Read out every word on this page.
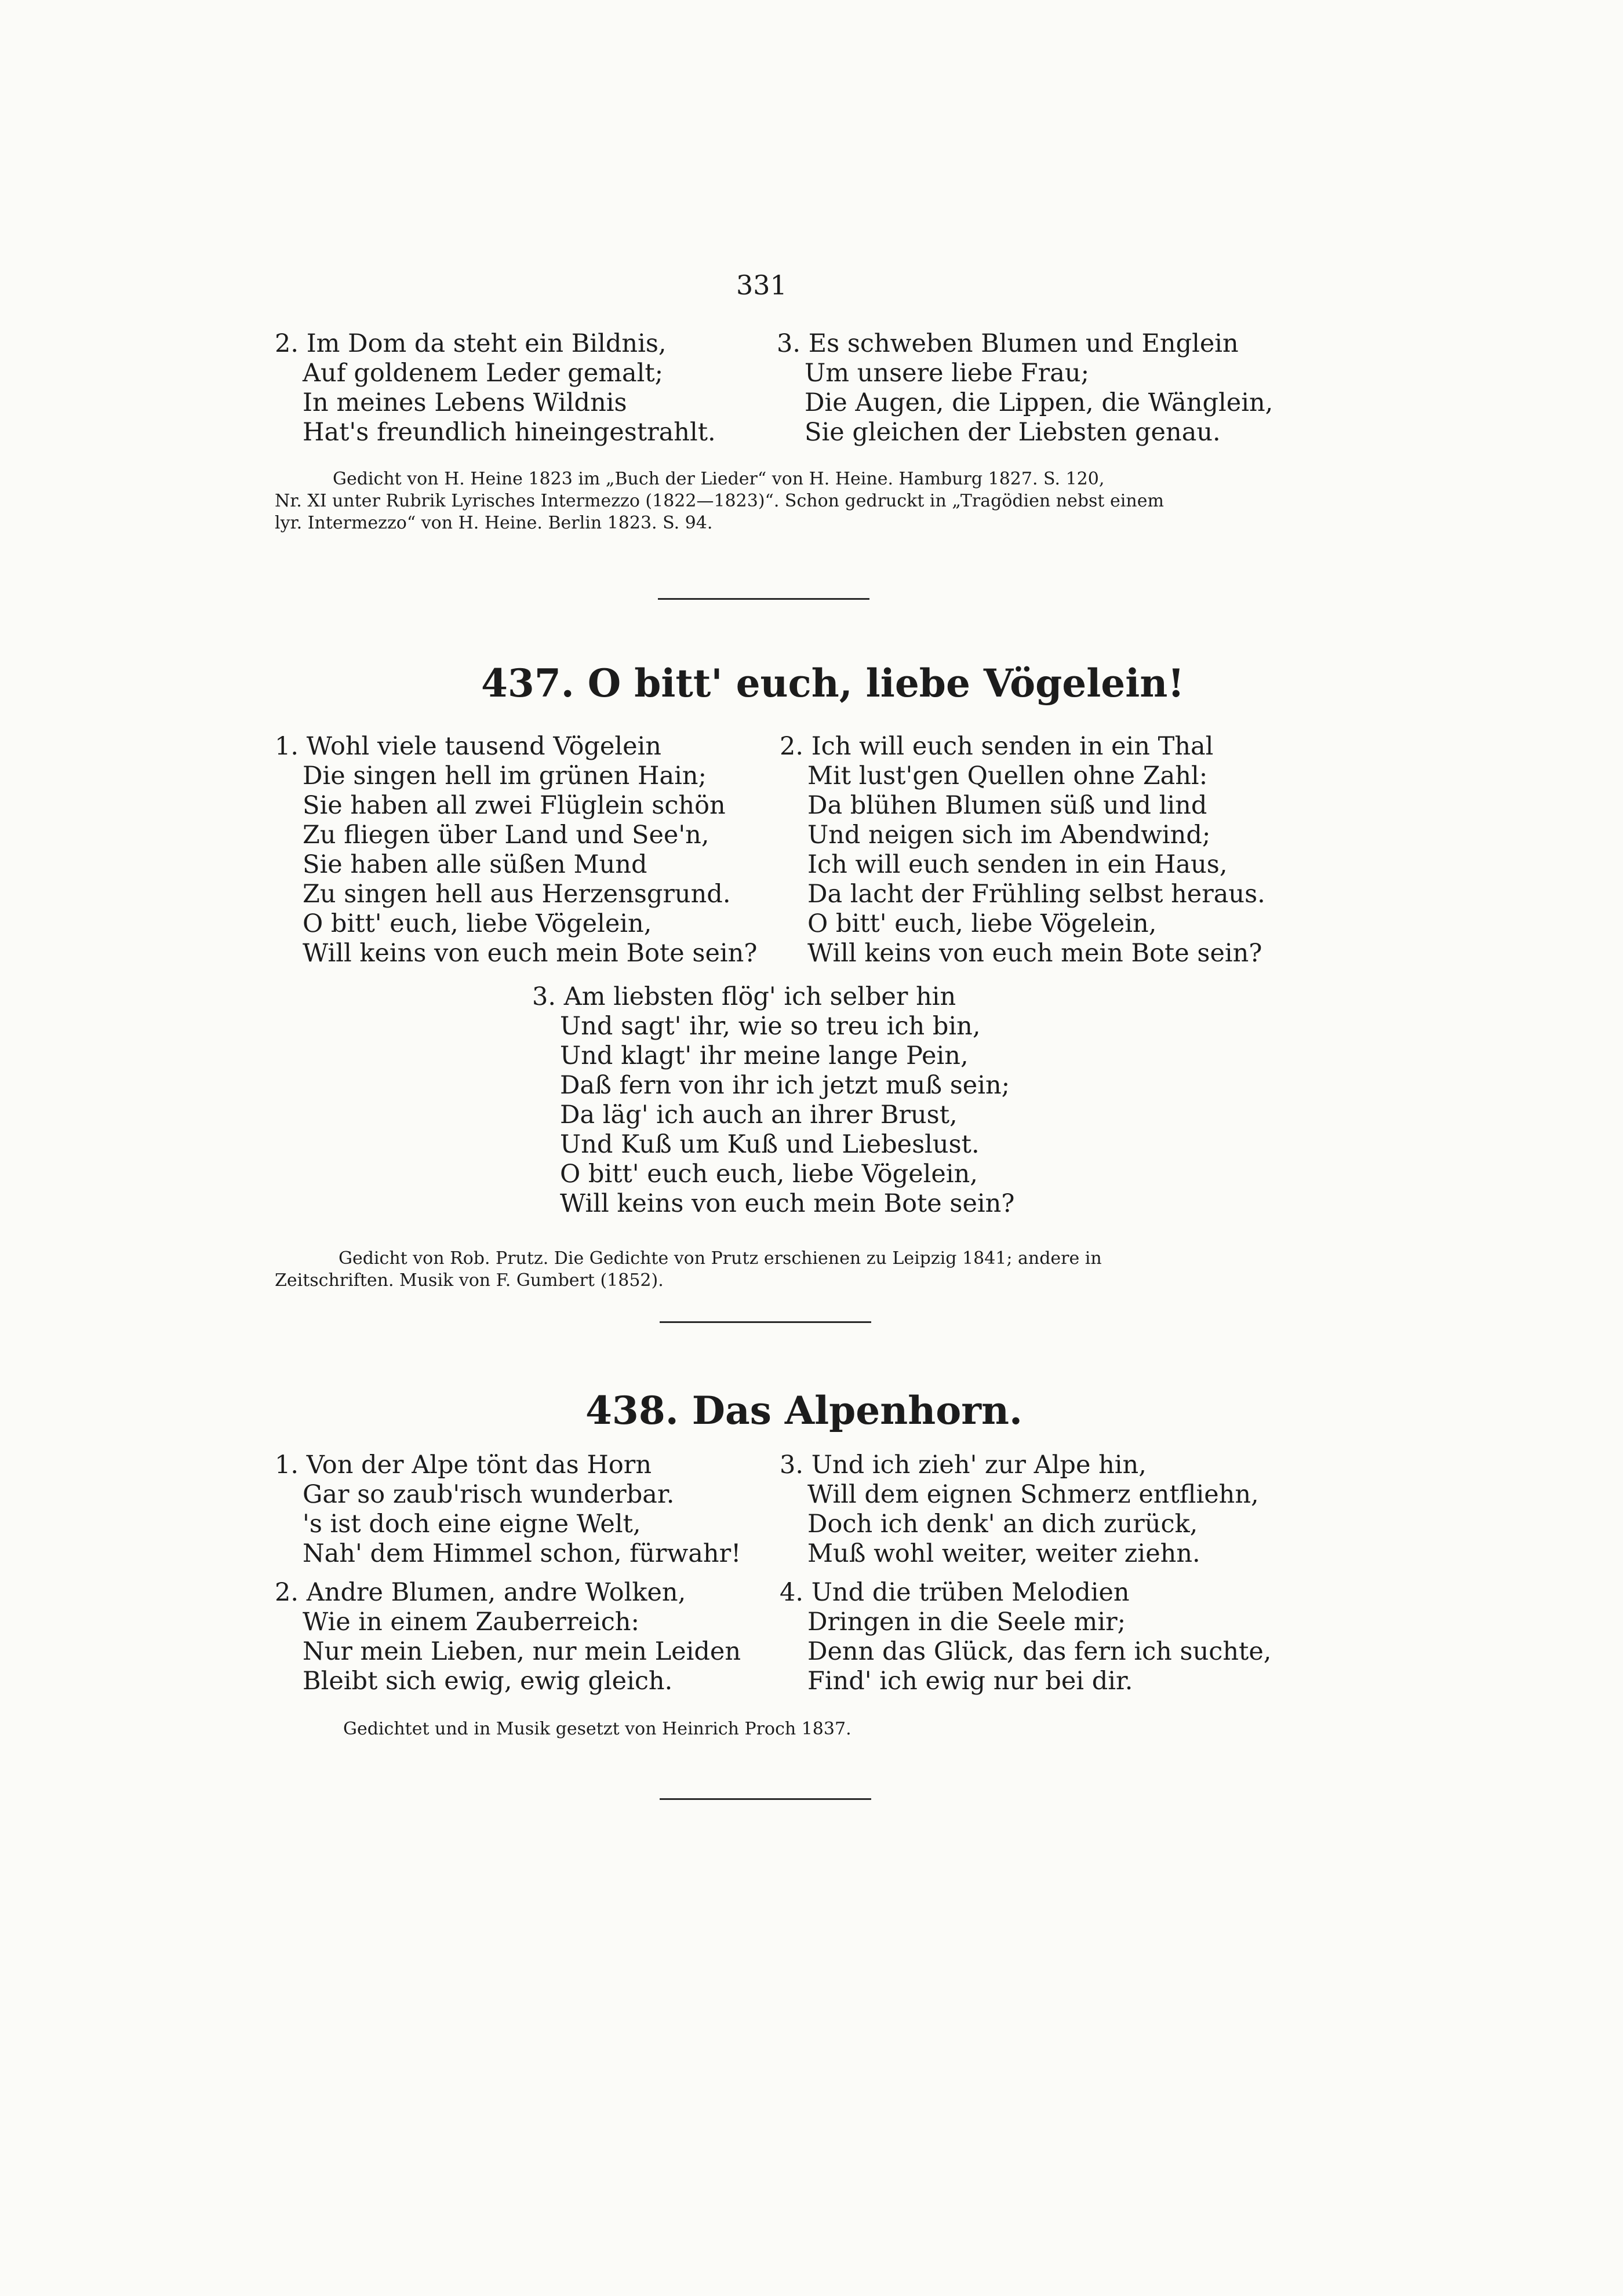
331
2. Im Dom da steht ein Bildnis,
Auf goldenem Leder gemalt;
In meines Lebens Wildnis
Hat's freundlich hineingestrahlt.
3. Es schweben Blumen und Englein
Um unsere liebe Frau;
Die Augen, die Lippen, die Wänglein,
Sie gleichen der Liebsten genau.
Gedicht von H. Heine 1823 im „Buch der Lieder“ von H. Heine. Hamburg 1827. S. 120,
Nr. XI unter Rubrik Lyrisches Intermezzo (1822—1823)“. Schon gedruckt in „Tragödien nebst einem
lyr. Intermezzo“ von H. Heine. Berlin 1823. S. 94.
437. O bitt' euch, liebe Vögelein!
1. Wohl viele tausend Vögelein
Die singen hell im grünen Hain;
Sie haben all zwei Flüglein schön
Zu fliegen über Land und See'n,
Sie haben alle süßen Mund
Zu singen hell aus Herzensgrund.
O bitt' euch, liebe Vögelein,
Will keins von euch mein Bote sein?
2. Ich will euch senden in ein Thal
Mit lust'gen Quellen ohne Zahl:
Da blühen Blumen süß und lind
Und neigen sich im Abendwind;
Ich will euch senden in ein Haus,
Da lacht der Frühling selbst heraus.
O bitt' euch, liebe Vögelein,
Will keins von euch mein Bote sein?
3. Am liebsten flög' ich selber hin
Und sagt' ihr, wie so treu ich bin,
Und klagt' ihr meine lange Pein,
Daß fern von ihr ich jetzt muß sein;
Da läg' ich auch an ihrer Brust,
Und Kuß um Kuß und Liebeslust.
O bitt' euch euch, liebe Vögelein,
Will keins von euch mein Bote sein?
Gedicht von Rob. Prutz. Die Gedichte von Prutz erschienen zu Leipzig 1841; andere in
Zeitschriften. Musik von F. Gumbert (1852).
438. Das Alpenhorn.
1. Von der Alpe tönt das Horn
Gar so zaub'risch wunderbar.
's ist doch eine eigne Welt,
Nah' dem Himmel schon, fürwahr!
3. Und ich zieh' zur Alpe hin,
Will dem eignen Schmerz entfliehn,
Doch ich denk' an dich zurück,
Muß wohl weiter, weiter ziehn.
2. Andre Blumen, andre Wolken,
Wie in einem Zauberreich:
Nur mein Lieben, nur mein Leiden
Bleibt sich ewig, ewig gleich.
4. Und die trüben Melodien
Dringen in die Seele mir;
Denn das Glück, das fern ich suchte,
Find' ich ewig nur bei dir.
Gedichtet und in Musik gesetzt von Heinrich Proch 1837.
